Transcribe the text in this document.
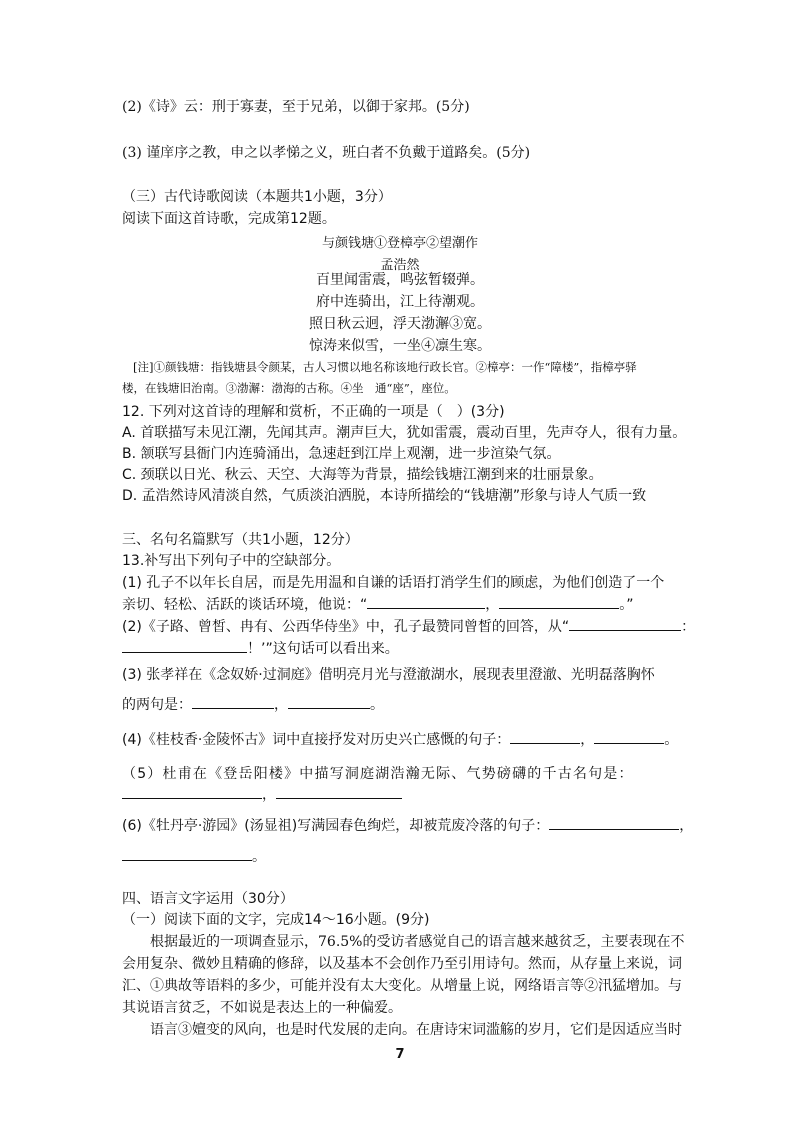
(2)《诗》云：刑于寡妻，至于兄弟，以御于家邦。(5分)
(3) 谨庠序之教，申之以孝悌之义，班白者不负戴于道路矣。(5分)
（三）古代诗歌阅读（本题共1小题，3分）
阅读下面这首诗歌，完成第12题。
与颜钱塘①登樟亭②望潮作
孟浩然
百里闻雷震，鸣弦暂辍弹。
府中连骑出，江上待潮观。
照日秋云迥，浮天渤澥③宽。
惊涛来似雪，一坐④凛生寒。
[注]①颜钱塘：指钱塘县令颜某，古人习惯以地名称该地行政长官。②樟亭：一作“障楼”，指樟亭驿
楼，在钱塘旧治南。③渤澥：渤海的古称。④坐　通“座”，座位。
12. 下列对这首诗的理解和赏析，不正确的一项是（　）(3分)
A. 首联描写未见江潮，先闻其声。潮声巨大，犹如雷震，震动百里，先声夺人，很有力量。
B. 颔联写县衙门内连骑涌出，急速赶到江岸上观潮，进一步渲染气氛。
C. 颈联以日光、秋云、天空、大海等为背景，描绘钱塘江潮到来的壮丽景象。
D. 孟浩然诗风清淡自然，气质淡泊洒脱，本诗所描绘的“钱塘潮”形象与诗人气质一致
三、名句名篇默写（共1小题，12分）
13.补写出下列句子中的空缺部分。
(1) 孔子不以年长自居，而是先用温和自谦的话语打消学生们的顾虑，为他们创造了一个
亲切、轻松、活跃的谈话环境，他说：“	，	。”
(2)《子路、曾皙、冉有、公西华侍坐》中，孔子最赞同曾皙的回答，从“	：
！’”这句话可以看出来。
(3) 张孝祥在《念奴娇·过洞庭》借明亮月光与澄澈湖水，展现表里澄澈、光明磊落胸怀
的两句是：	，	。
(4)《桂枝香·金陵怀古》词中直接抒发对历史兴亡感慨的句子：	，	。
（5）杜甫在《登岳阳楼》中描写洞庭湖浩瀚无际、气势磅礴的千古名句是：
，
(6)《牡丹亭·游园》(汤显祖)写满园春色绚烂，却被荒废冷落的句子：	，
。
四、语言文字运用（30分）
（一）阅读下面的文字，完成14～16小题。(9分)
根据最近的一项调查显示，76.5%的受访者感觉自己的语言越来越贫乏，主要表现在不
会用复杂、微妙且精确的修辞，以及基本不会创作乃至引用诗句。然而，从存量上来说，词
汇、①典故等语料的多少，可能并没有太大变化。从增量上说，网络语言等②汛猛增加。与
其说语言贫乏，不如说是表达上的一种偏爱。
语言③嬗变的风向，也是时代发展的走向。在唐诗宋词滥觞的岁月，它们是因适应当时
7
